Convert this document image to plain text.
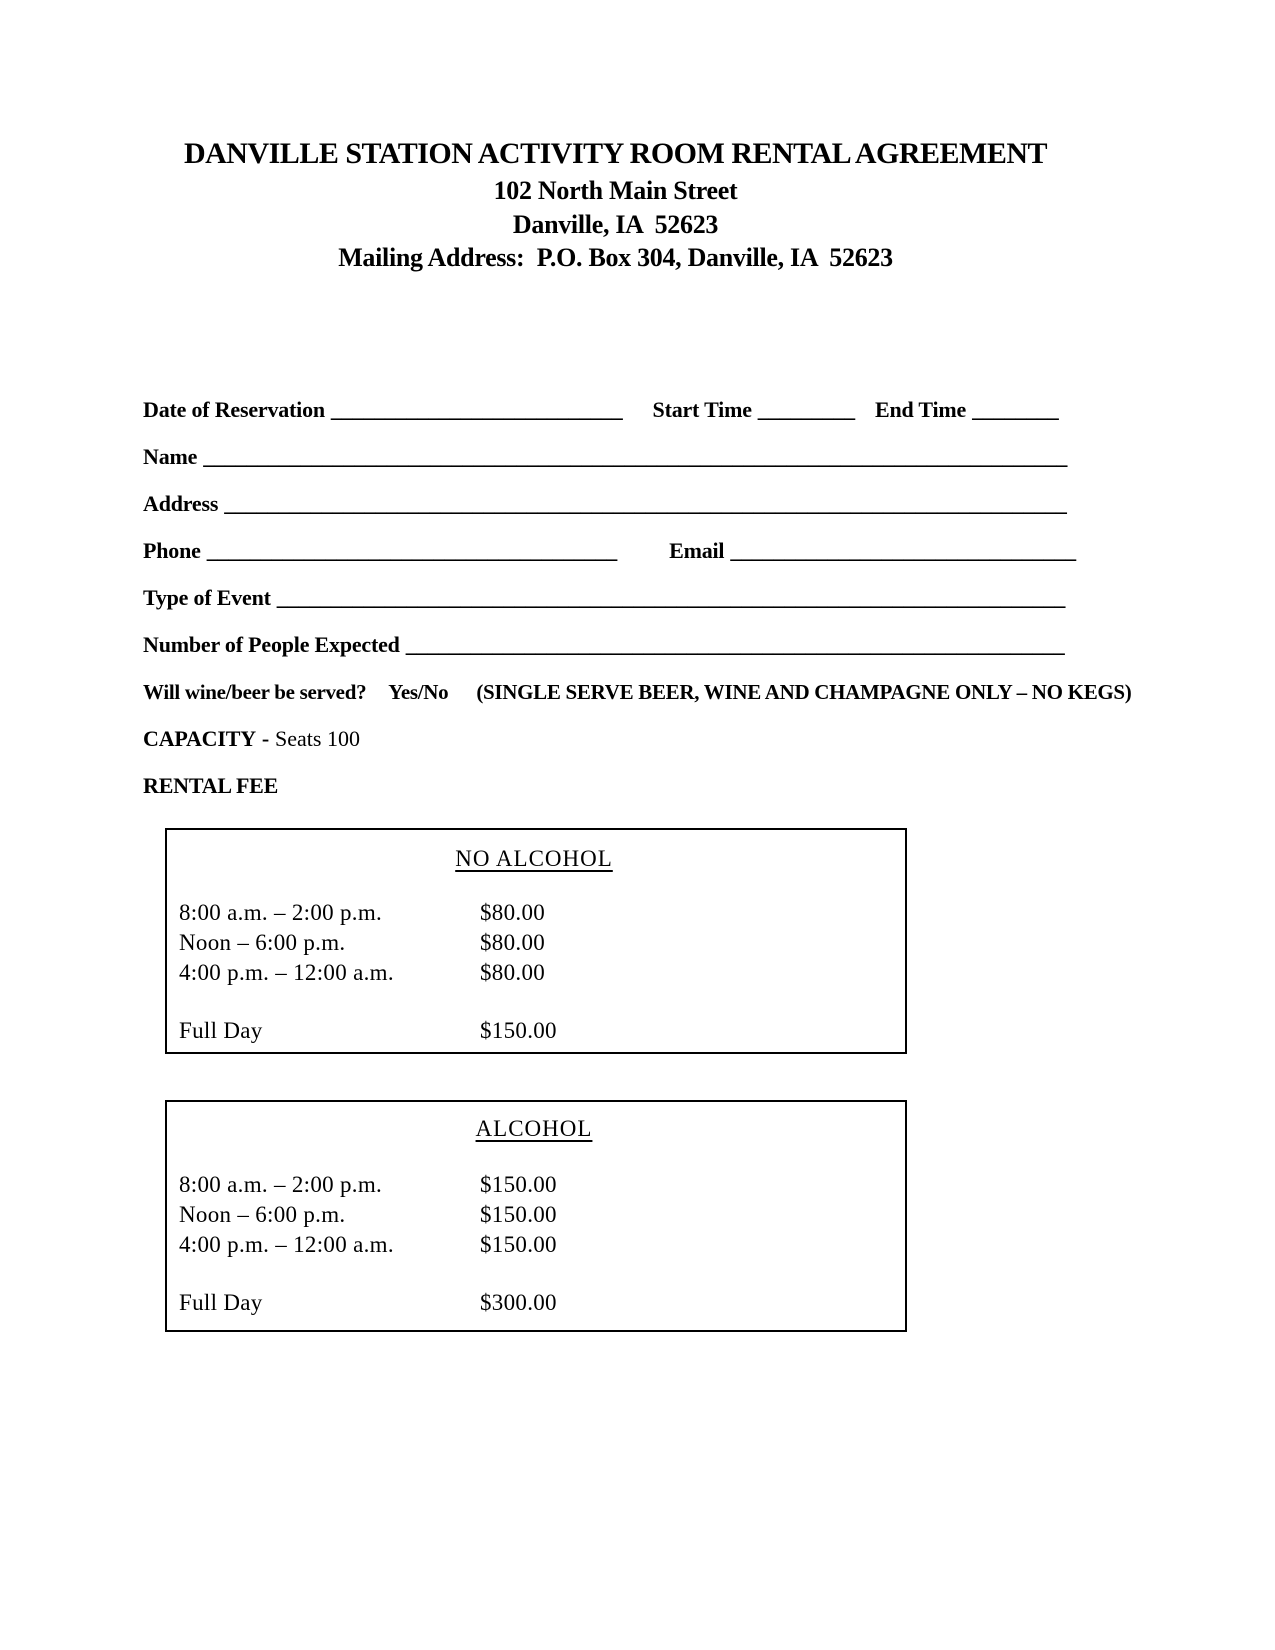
DANVILLE STATION ACTIVITY ROOM RENTAL AGREEMENT
102 North Main Street
Danville, IA  52623
Mailing Address:  P.O. Box 304, Danville, IA  52623
Date of Reservation ___________________________ Start Time _________ End Time ________
Name ________________________________________________________________________________
Address ______________________________________________________________________________
Phone ______________________________________ Email ________________________________
Type of Event _________________________________________________________________________
Number of People Expected _____________________________________________________________
Will wine/beer be served? Yes/No (SINGLE SERVE BEER, WINE AND CHAMPAGNE ONLY – NO KEGS)
CAPACITY - Seats 100
RENTAL FEE
NO ALCOHOL
8:00 a.m. – 2:00 p.m.	$80.00
Noon – 6:00 p.m.	$80.00
4:00 p.m. – 12:00 a.m.	$80.00
Full Day	$150.00
ALCOHOL
8:00 a.m. – 2:00 p.m.	$150.00
Noon – 6:00 p.m.	$150.00
4:00 p.m. – 12:00 a.m.	$150.00
Full Day	$300.00
